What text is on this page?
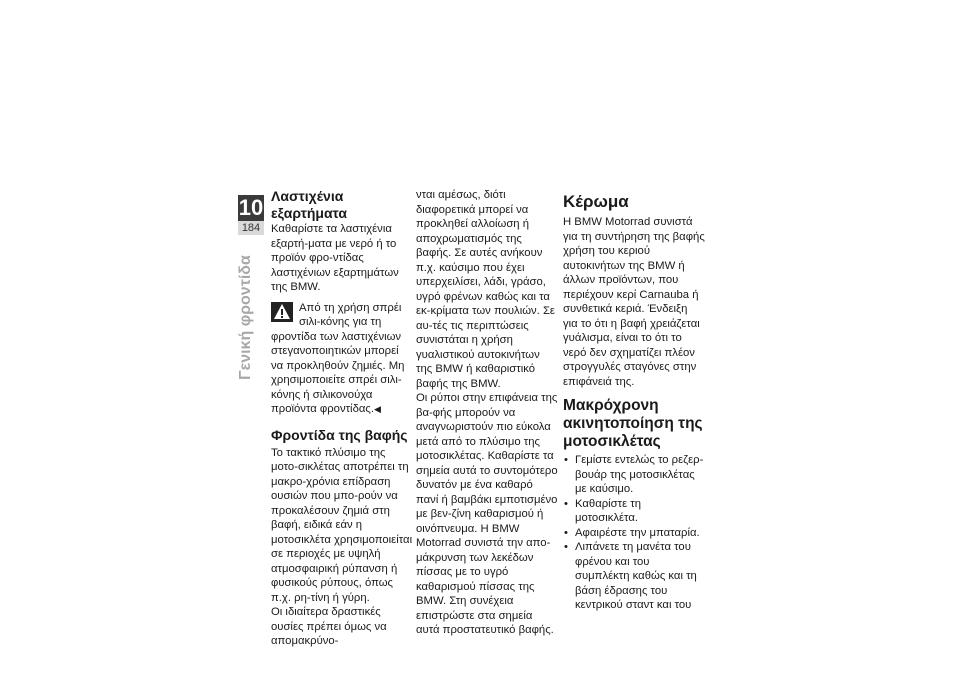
10
184
Γενική φροντίδα
Λαστιχένια εξαρτήματα

Καθαρίστε τα λαστιχένια εξαρτή-ματα με νερό ή το προϊόν φρο-ντίδας λαστιχένιων εξαρτημάτων της BMW.

Από τη χρήση σπρέι σιλι-κόνης για τη φροντίδα των λαστιχένιων στεγανοποιητικών μπορεί να προκληθούν ζημιές. Μη χρησιμοποιείτε σπρέι σιλι-κόνης ή σιλικονούχα προϊόντα φροντίδας.◀
Φροντίδα της βαφής

Το τακτικό πλύσιμο της μοτο-σικλέτας αποτρέπει τη μακρο-χρόνια επίδραση ουσιών που μπο-ρούν να προκαλέσουν ζημιά στη βαφή, ειδικά εάν η μοτοσικλέτα χρησιμοποιείται σε περιοχές με υψηλή ατμοσφαιρική ρύπανση ή φυσικούς ρύπους, όπως π.χ. ρη-τίνη ή γύρη.

Οι ιδιαίτερα δραστικές ουσίες πρέπει όμως να απομακρύνο-

νται αμέσως, διότι διαφορετικά μπορεί να προκληθεί αλλοίωση ή αποχρωματισμός της βαφής. Σε αυτές ανήκουν π.χ. καύσιμο που έχει υπερχειλίσει, λάδι, γράσο, υγρό φρένων καθώς και τα εκ-κρίματα των πουλιών. Σε αυ-τές τις περιπτώσεις συνιστάται η χρήση γυαλιστικού αυτοκινήτων της BMW ή καθαριστικό βαφής της BMW.

Οι ρύποι στην επιφάνεια της βα-φής μπορούν να αναγνωριστούν πιο εύκολα μετά από το πλύσιμο της μοτοσικλέτας. Καθαρίστε τα σημεία αυτά το συντομότερο δυνατόν με ένα καθαρό πανί ή βαμβάκι εμποτισμένο με βεν-ζίνη καθαρισμού ή οινόπνευμα. Η BMW Motorrad συνιστά την απο-μάκρυνση των λεκέδων πίσσας με το υγρό καθαρισμού πίσσας της BMW. Στη συνέχεια επιστρώστε στα σημεία αυτά προστατευτικό βαφής.

Κέρωμα

Η BMW Motorrad συνιστά για τη συντήρηση της βαφής χρήση του κεριού αυτοκινήτων της BMW ή άλλων προϊόντων, που περιέχουν κερί Carnauba ή συνθετικά κεριά. Ένδειξη για το ότι η βαφή χρειάζεται γυάλισμα, είναι το ότι το νερό δεν σχηματίζει πλέον στρογγυλές σταγόνες στην επιφάνειά της.

Μακρόχρονη ακινητοποίηση της μοτοσικλέτας
• Γεμίστε εντελώς το ρεζερ-βουάρ της μοτοσικλέτας με καύσιμο.
• Καθαρίστε τη μοτοσικλέτα.
• Αφαιρέστε την μπαταρία.
• Λιπάνετε τη μανέτα του φρένου και του συμπλέκτη καθώς και τη βάση έδρασης του κεντρικού σταντ και του
